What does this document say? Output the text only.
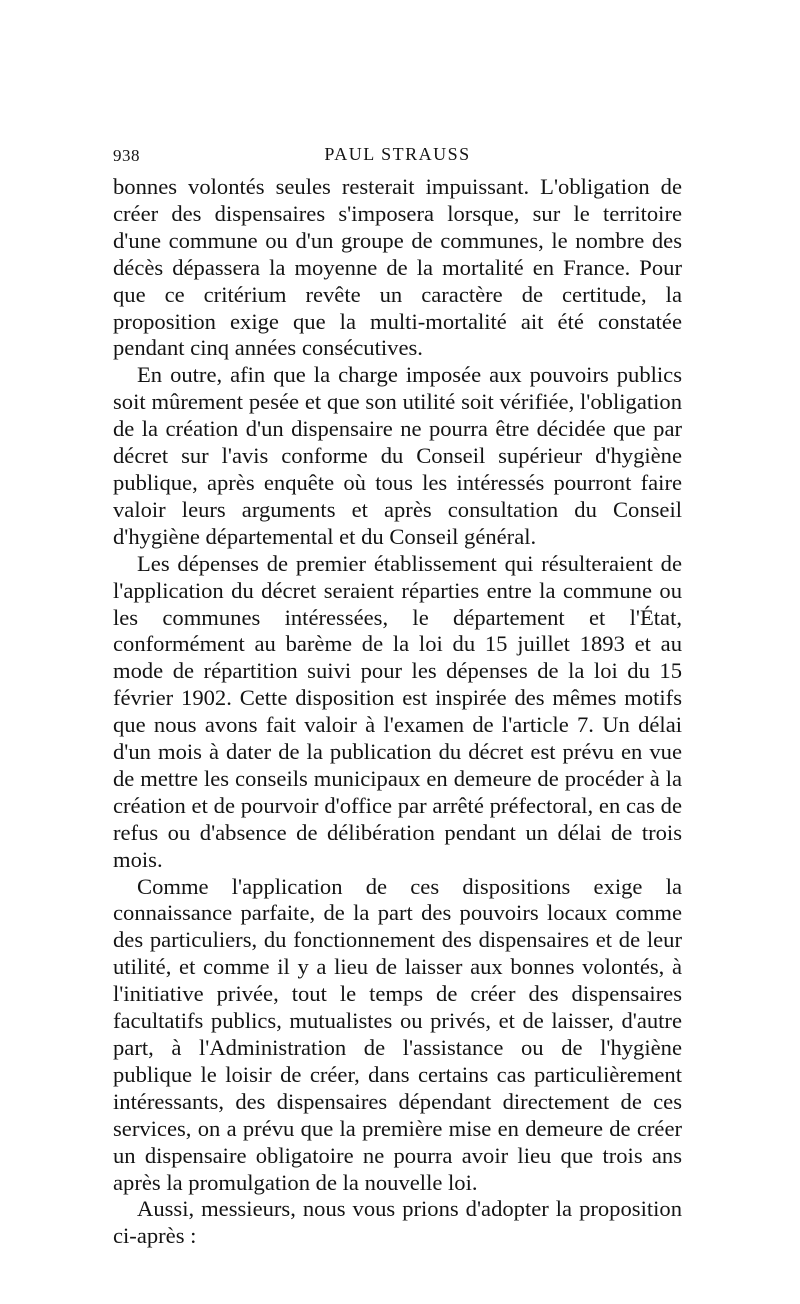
938	PAUL STRAUSS

bonnes volontés seules resterait impuissant. L'obligation de créer des dispensaires s'imposera lorsque, sur le territoire d'une commune ou d'un groupe de communes, le nombre des décès dépassera la moyenne de la mortalité en France. Pour que ce critérium revête un caractère de certitude, la proposition exige que la multi-mortalité ait été constatée pendant cinq années consécutives.

En outre, afin que la charge imposée aux pouvoirs publics soit mûrement pesée et que son utilité soit vérifiée, l'obligation de la création d'un dispensaire ne pourra être décidée que par décret sur l'avis conforme du Conseil supérieur d'hygiène publique, après enquête où tous les intéressés pourront faire valoir leurs arguments et après consultation du Conseil d'hygiène départemental et du Conseil général.

Les dépenses de premier établissement qui résulteraient de l'application du décret seraient réparties entre la commune ou les communes intéressées, le département et l'État, conformément au barème de la loi du 15 juillet 1893 et au mode de répartition suivi pour les dépenses de la loi du 15 février 1902. Cette disposition est inspirée des mêmes motifs que nous avons fait valoir à l'examen de l'article 7. Un délai d'un mois à dater de la publication du décret est prévu en vue de mettre les conseils municipaux en demeure de procéder à la création et de pourvoir d'office par arrêté préfectoral, en cas de refus ou d'absence de délibération pendant un délai de trois mois.

Comme l'application de ces dispositions exige la connaissance parfaite, de la part des pouvoirs locaux comme des particuliers, du fonctionnement des dispensaires et de leur utilité, et comme il y a lieu de laisser aux bonnes volontés, à l'initiative privée, tout le temps de créer des dispensaires facultatifs publics, mutualistes ou privés, et de laisser, d'autre part, à l'Administration de l'assistance ou de l'hygiène publique le loisir de créer, dans certains cas particulièrement intéressants, des dispensaires dépendant directement de ces services, on a prévu que la première mise en demeure de créer un dispensaire obligatoire ne pourra avoir lieu que trois ans après la promulgation de la nouvelle loi.

Aussi, messieurs, nous vous prions d'adopter la proposition ci-après :
